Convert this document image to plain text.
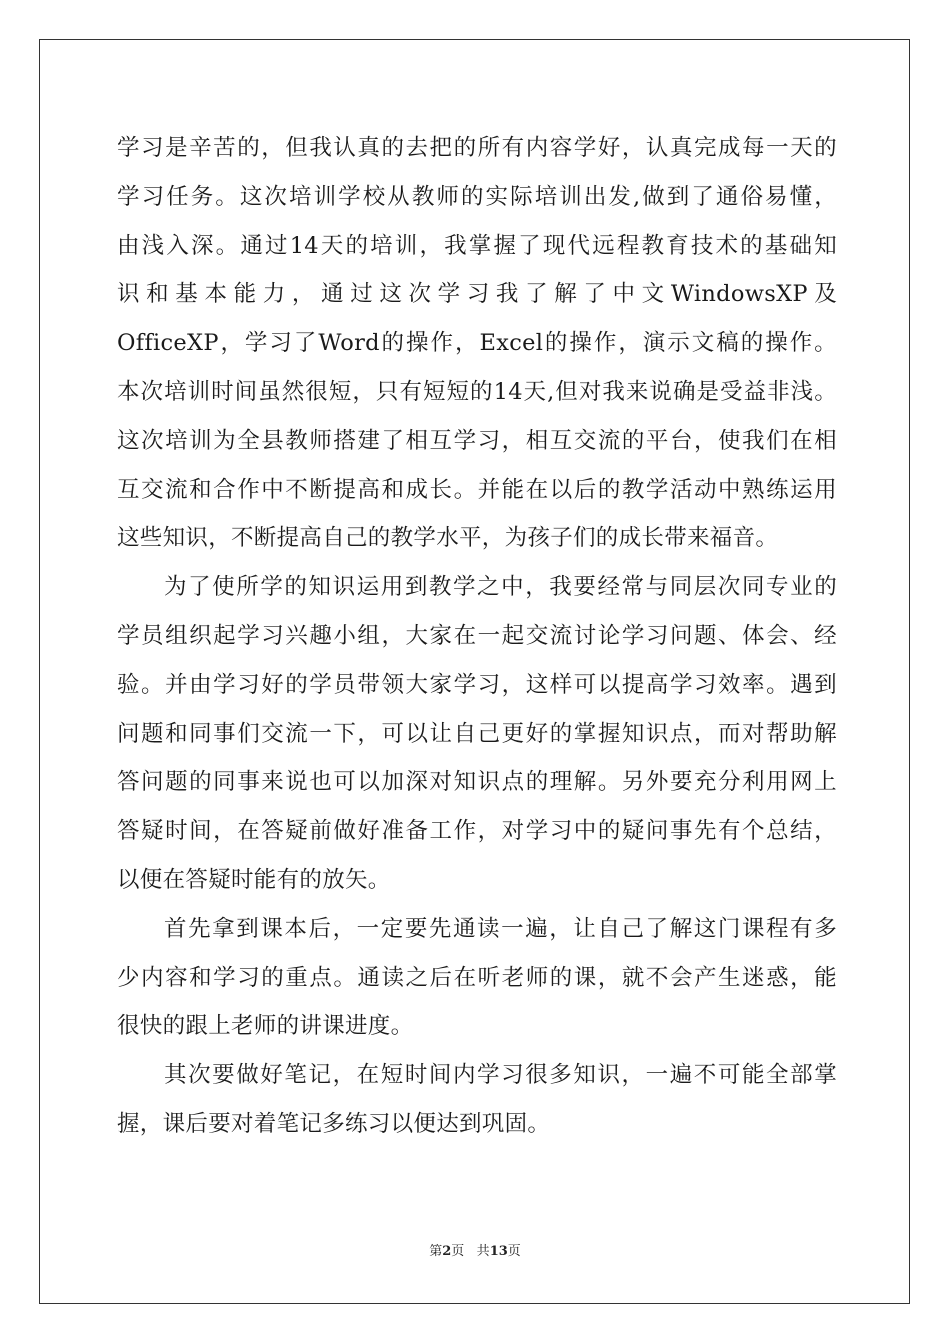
学习是辛苦的，但我认真的去把的所有内容学好，认真完成每一天的
学习任务。这次培训学校从教师的实际培训出发,做到了通俗易懂，
由浅入深。通过14天的培训，我掌握了现代远程教育技术的基础知
识和基本能力，通过这次学习我了解了中文WindowsXP及
OfficeXP，学习了Word的操作，Excel的操作，演示文稿的操作。
本次培训时间虽然很短，只有短短的14天,但对我来说确是受益非浅。
这次培训为全县教师搭建了相互学习，相互交流的平台，使我们在相
互交流和合作中不断提高和成长。并能在以后的教学活动中熟练运用
这些知识，不断提高自己的教学水平，为孩子们的成长带来福音。
为了使所学的知识运用到教学之中，我要经常与同层次同专业的
学员组织起学习兴趣小组，大家在一起交流讨论学习问题、体会、经
验。并由学习好的学员带领大家学习，这样可以提高学习效率。遇到
问题和同事们交流一下，可以让自己更好的掌握知识点，而对帮助解
答问题的同事来说也可以加深对知识点的理解。另外要充分利用网上
答疑时间，在答疑前做好准备工作，对学习中的疑问事先有个总结，
以便在答疑时能有的放矢。
首先拿到课本后，一定要先通读一遍，让自己了解这门课程有多
少内容和学习的重点。通读之后在听老师的课，就不会产生迷惑，能
很快的跟上老师的讲课进度。
其次要做好笔记，在短时间内学习很多知识，一遍不可能全部掌
握，课后要对着笔记多练习以便达到巩固。
第2页 共13页
